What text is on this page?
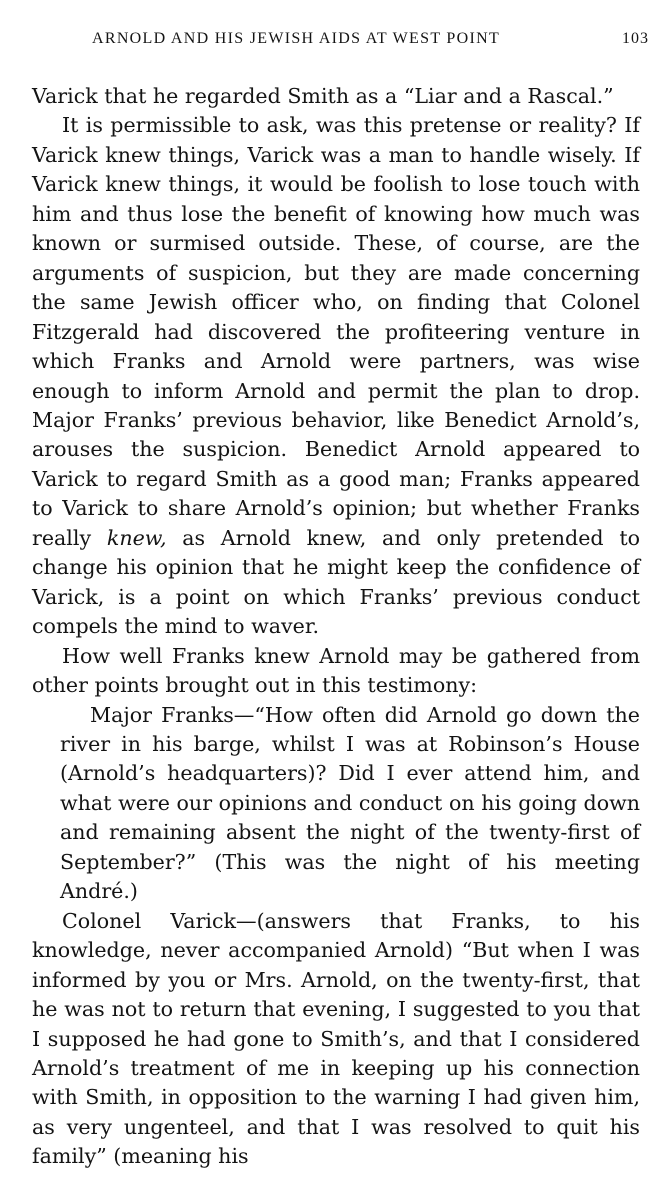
ARNOLD AND HIS JEWISH AIDS AT WEST POINT	103

Varick that he regarded Smith as a “Liar and a Rascal.”

It is permissible to ask, was this pretense or reality? If Varick knew things, Varick was a man to handle wisely. If Varick knew things, it would be foolish to lose touch with him and thus lose the benefit of knowing how much was known or surmised outside. These, of course, are the arguments of suspicion, but they are made concerning the same Jewish officer who, on finding that Colonel Fitzgerald had discovered the profiteering venture in which Franks and Arnold were partners, was wise enough to inform Arnold and permit the plan to drop. Major Franks’ previous behavior, like Benedict Arnold’s, arouses the suspicion. Benedict Arnold appeared to Varick to regard Smith as a good man; Franks appeared to Varick to share Arnold’s opinion; but whether Franks really knew, as Arnold knew, and only pretended to change his opinion that he might keep the confidence of Varick, is a point on which Franks’ previous conduct compels the mind to waver.

How well Franks knew Arnold may be gathered from other points brought out in this testimony:

Major Franks—“How often did Arnold go down the river in his barge, whilst I was at Robinson’s House (Arnold’s headquarters)? Did I ever attend him, and what were our opinions and conduct on his going down and remaining absent the night of the twenty-first of September?” (This was the night of his meeting André.)

Colonel Varick—(answers that Franks, to his knowledge, never accompanied Arnold) “But when I was informed by you or Mrs. Arnold, on the twenty-first, that he was not to return that evening, I suggested to you that I supposed he had gone to Smith’s, and that I considered Arnold’s treatment of me in keeping up his connection with Smith, in opposition to the warning I had given him, as very ungenteel, and that I was resolved to quit his family” (meaning his
